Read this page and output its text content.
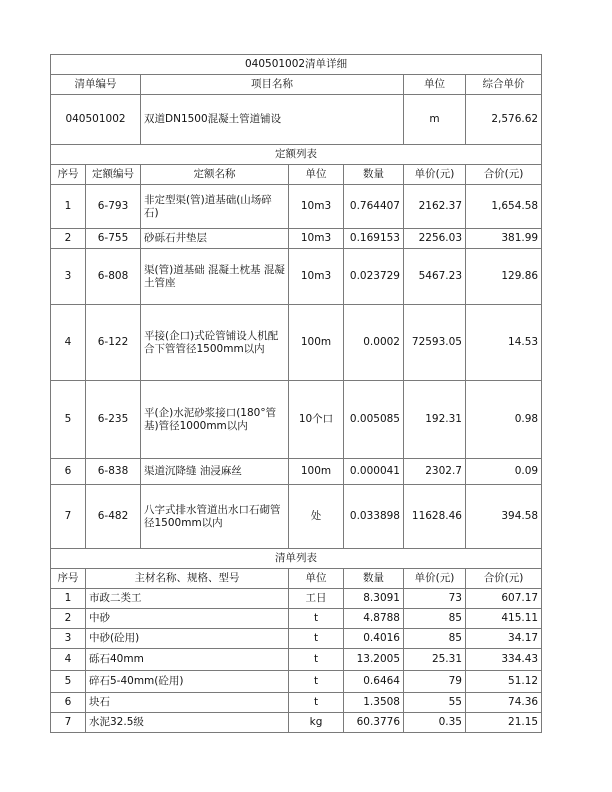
040501002清单详细						
清单编号		项目名称			单位	综合单价
040501002		双道DN1500混凝土管道铺设			m	2,576.62
定额列表						
序号	定额编号	定额名称	单位	数量	单价(元)	合价(元)
1	6-793	非定型渠(管)道基础(山场碎石)	10m3	0.764407	2162.37	1,654.58
2	6-755	砂砾石井垫层	10m3	0.169153	2256.03	381.99
3	6-808	渠(管)道基础 混凝土枕基 混凝土管座	10m3	0.023729	5467.23	129.86
4	6-122	平接(企口)式砼管铺设人机配合下管管径1500mm以内	100m	0.0002	72593.05	14.53
5	6-235	平(企)水泥砂浆接口(180°管基)管径1000mm以内	10个口	0.005085	192.31	0.98
6	6-838	渠道沉降缝 油浸麻丝	100m	0.000041	2302.7	0.09
7	6-482	八字式排水管道出水口石砌管径1500mm以内	处	0.033898	11628.46	394.58
清单列表						
序号	主材名称、规格、型号		单位	数量	单价(元)	合价(元)
1	市政二类工		工日	8.3091	73	607.17
2	中砂		t	4.8788	85	415.11
3	中砂(砼用)		t	0.4016	85	34.17
4	砾石40mm		t	13.2005	25.31	334.43
5	碎石5-40mm(砼用)		t	0.6464	79	51.12
6	块石		t	1.3508	55	74.36
7	水泥32.5级		kg	60.3776	0.35	21.15
